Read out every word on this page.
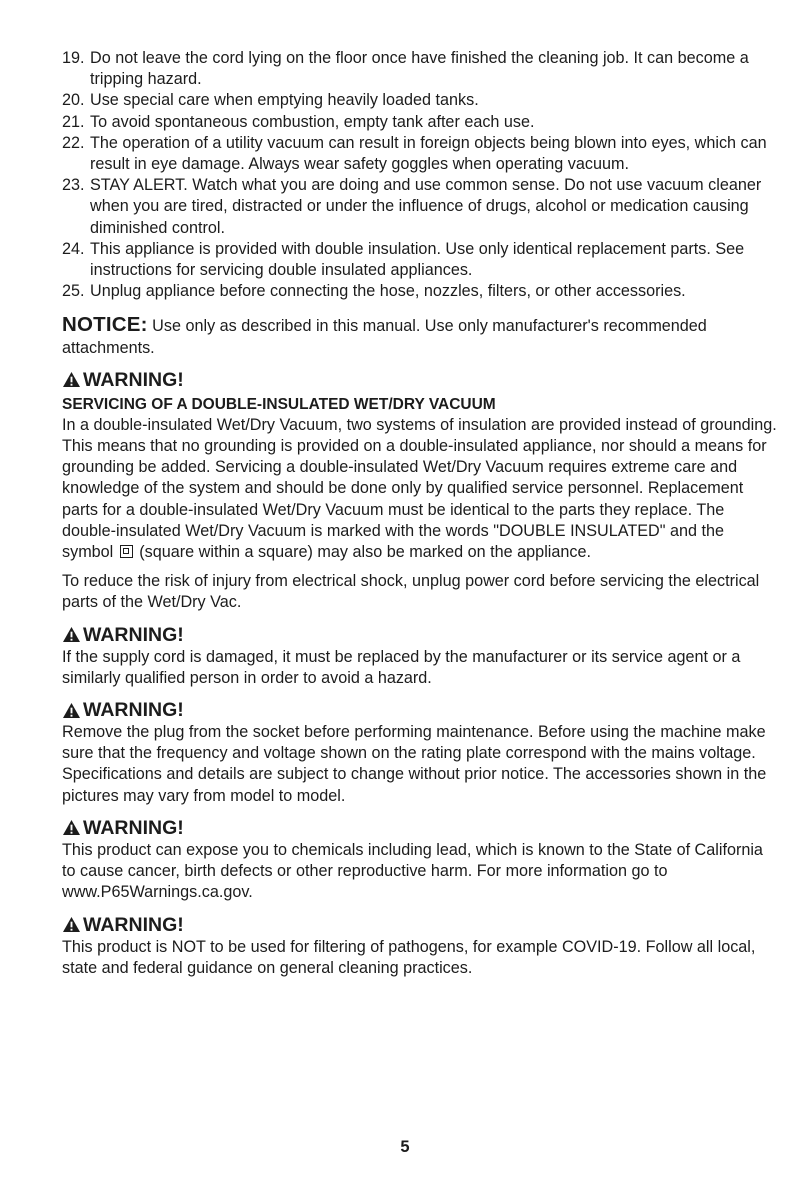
19. Do not leave the cord lying on the floor once have finished the cleaning job. It can become a tripping hazard.
20. Use special care when emptying heavily loaded tanks.
21. To avoid spontaneous combustion, empty tank after each use.
22. The operation of a utility vacuum can result in foreign objects being blown into eyes, which can result in eye damage. Always wear safety goggles when operating vacuum.
23. STAY ALERT. Watch what you are doing and use common sense. Do not use vacuum cleaner when you are tired, distracted or under the influence of drugs, alcohol or medication causing diminished control.
24. This appliance is provided with double insulation. Use only identical replacement parts. See instructions for servicing double insulated appliances.
25. Unplug appliance before connecting the hose, nozzles, filters, or other accessories.
NOTICE: Use only as described in this manual. Use only manufacturer's recommended attachments.
WARNING!
SERVICING OF A DOUBLE-INSULATED WET/DRY VACUUM

In a double-insulated Wet/Dry Vacuum, two systems of insulation are provided instead of grounding. This means that no grounding is provided on a double-insulated appliance, nor should a means for grounding be added. Servicing a double-insulated Wet/Dry Vacuum requires extreme care and knowledge of the system and should be done only by qualified service personnel. Replacement parts for a double-insulated Wet/Dry Vacuum must be identical to the parts they replace. The double-insulated Wet/Dry Vacuum is marked with the words "DOUBLE INSULATED" and the symbol (square within a square) may also be marked on the appliance.

To reduce the risk of injury from electrical shock, unplug power cord before servicing the electrical parts of the Wet/Dry Vac.

WARNING!

If the supply cord is damaged, it must be replaced by the manufacturer or its service agent or a similarly qualified person in order to avoid a hazard.

WARNING!

Remove the plug from the socket before performing maintenance. Before using the machine make sure that the frequency and voltage shown on the rating plate correspond with the mains voltage. Specifications and details are subject to change without prior notice. The accessories shown in the pictures may vary from model to model.

WARNING!

This product can expose you to chemicals including lead, which is known to the State of California to cause cancer, birth defects or other reproductive harm. For more information go to www.P65Warnings.ca.gov.

WARNING!

This product is NOT to be used for filtering of pathogens, for example COVID-19. Follow all local, state and federal guidance on general cleaning practices.

5
